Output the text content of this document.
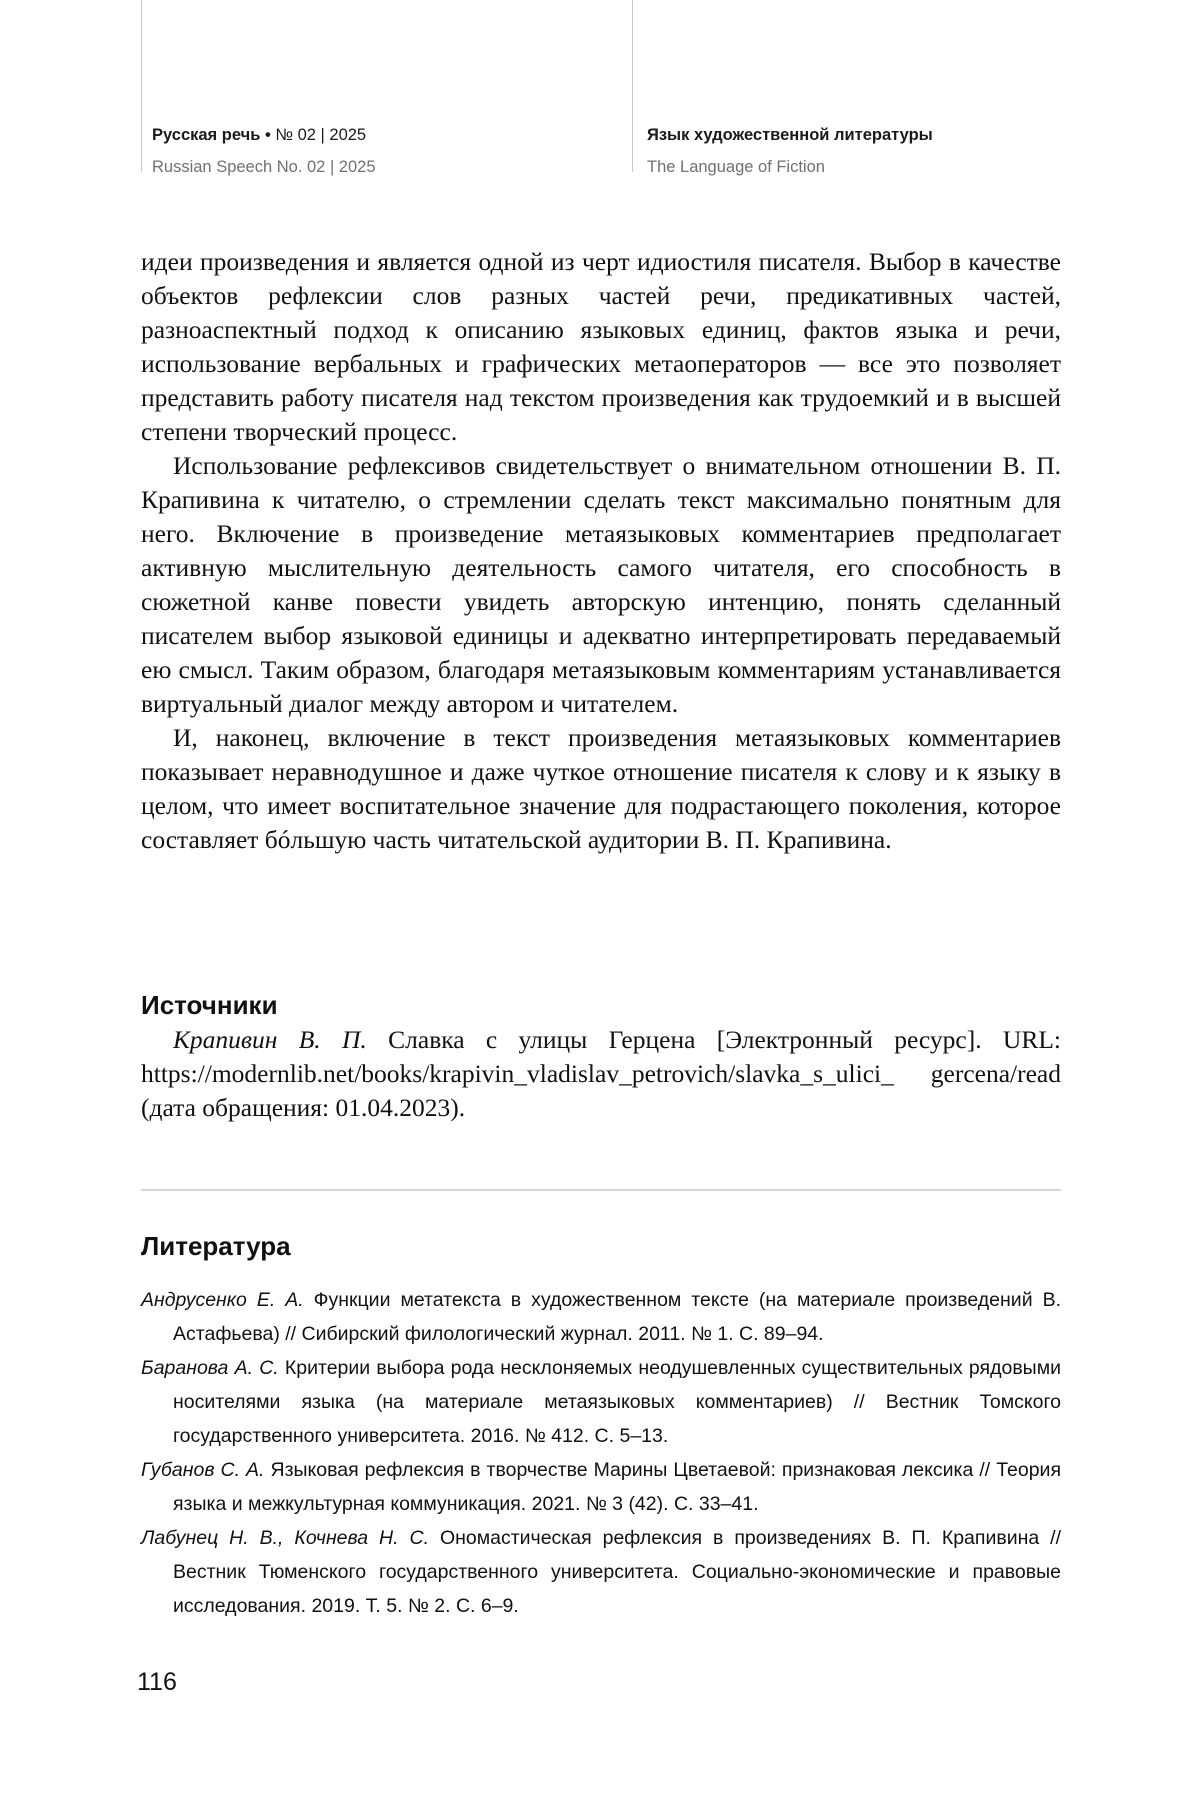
Русская речь • № 02 | 2025
Russian Speech No. 02 | 2025
Язык художественной литературы
The Language of Fiction

идеи произведения и является одной из черт идиостиля писателя. Выбор в качестве объектов рефлексии слов разных частей речи, предикативных частей, разноаспектный подход к описанию языковых единиц, фактов языка и речи, использование вербальных и графических метаоператоров — все это позволяет представить работу писателя над текстом произведения как трудоемкий и в высшей степени творческий процесс.

Использование рефлексивов свидетельствует о внимательном отношении В. П. Крапивина к читателю, о стремлении сделать текст максимально понятным для него. Включение в произведение метаязыковых комментариев предполагает активную мыслительную деятельность самого читателя, его способность в сюжетной канве повести увидеть авторскую интенцию, понять сделанный писателем выбор языковой единицы и адекватно интерпретировать передаваемый ею смысл. Таким образом, благодаря метаязыковым комментариям устанавливается виртуальный диалог между автором и читателем.

И, наконец, включение в текст произведения метаязыковых комментариев показывает неравнодушное и даже чуткое отношение писателя к слову и к языку в целом, что имеет воспитательное значение для подрастающего поколения, которое составляет бóльшую часть читательской аудитории В. П. Крапивина.

Источники

Крапивин В. П. Славка с улицы Герцена [Электронный ресурс]. URL: https://modernlib.net/books/krapivin_vladislav_petrovich/slavka_s_ulici_ gercena/read (дата обращения: 01.04.2023).

Литература

Андрусенко Е. А. Функции метатекста в художественном тексте (на материале произведений В. Астафьева) // Сибирский филологический журнал. 2011. № 1. С. 89–94.

Баранова А. С. Критерии выбора рода несклоняемых неодушевленных существительных рядовыми носителями языка (на материале метаязыковых комментариев) // Вестник Томского государственного университета. 2016. № 412. С. 5–13.

Губанов С. А. Языковая рефлексия в творчестве Марины Цветаевой: признаковая лексика // Теория языка и межкультурная коммуникация. 2021. № 3 (42). С. 33–41.

Лабунец Н. В., Кочнева Н. С. Ономастическая рефлексия в произведениях В. П. Крапивина // Вестник Тюменского государственного университета. Социально-экономические и правовые исследования. 2019. Т. 5. № 2. С. 6–9.

116
